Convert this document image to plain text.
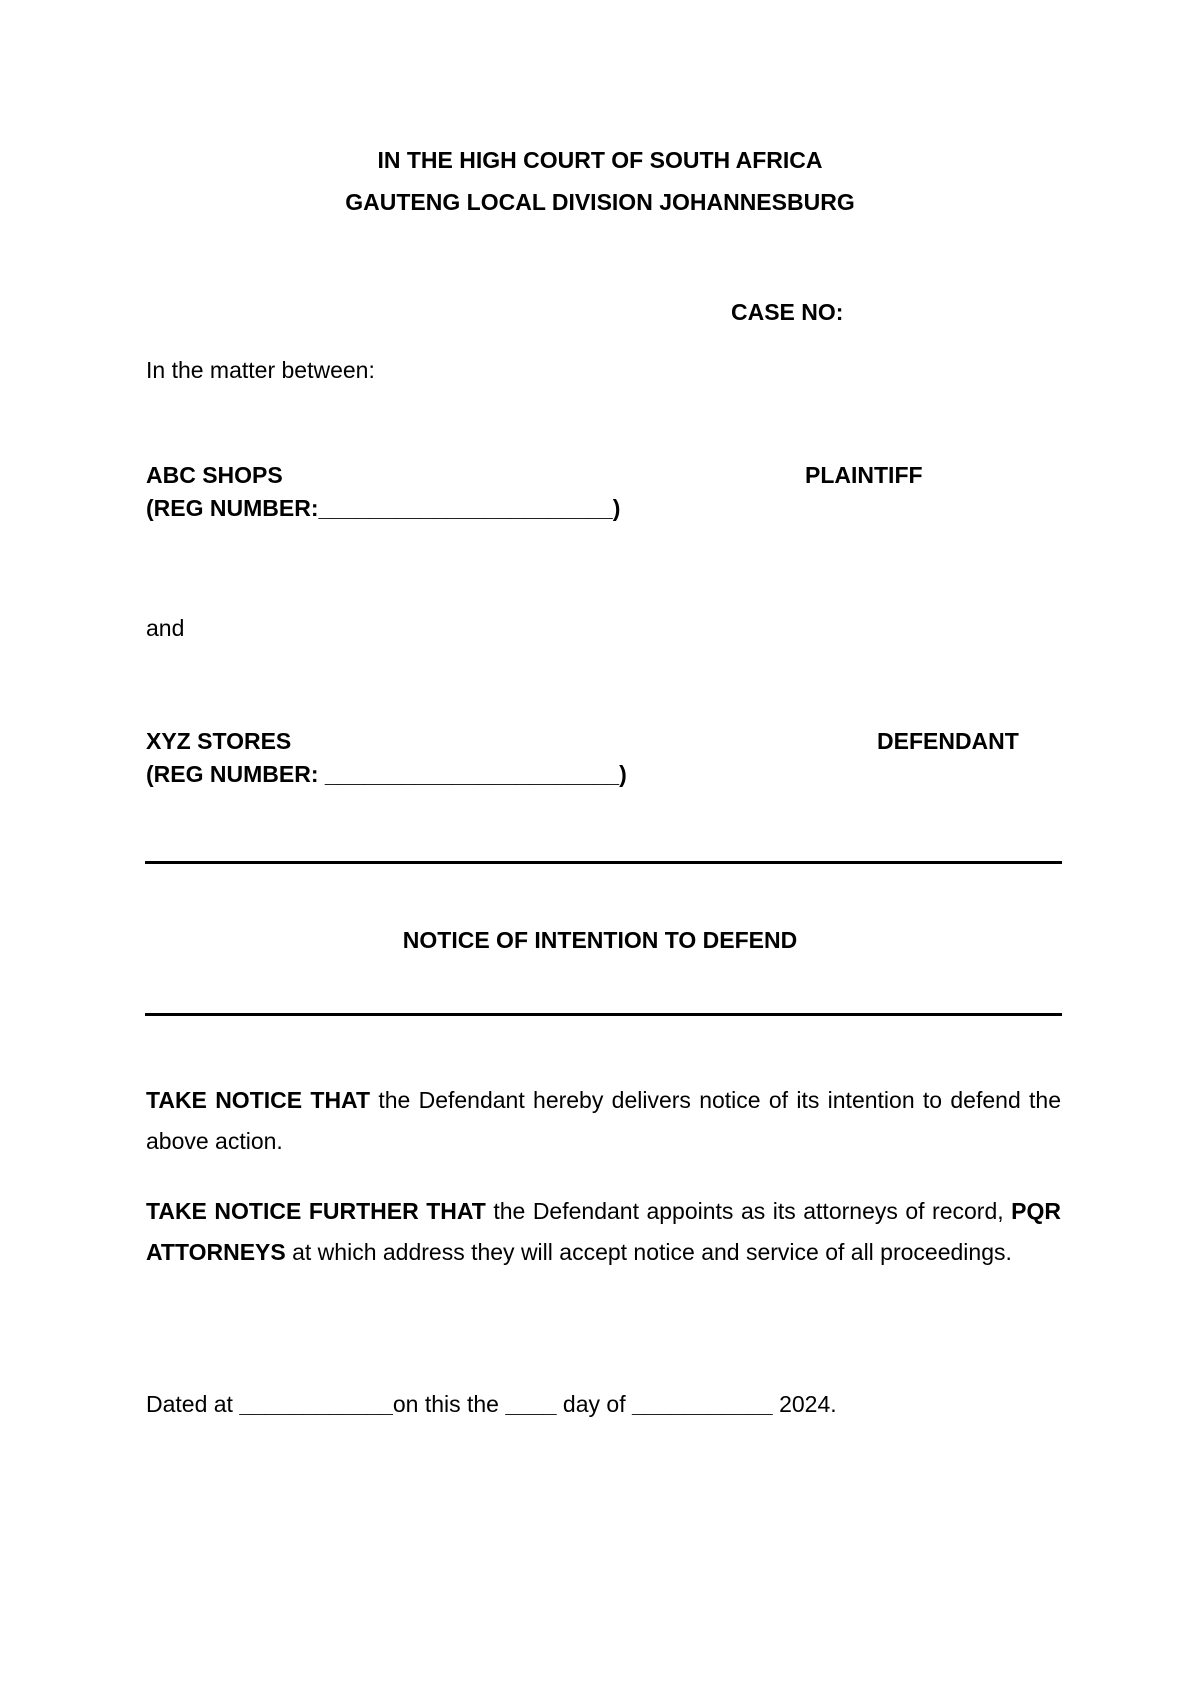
IN THE HIGH COURT OF SOUTH AFRICA
GAUTENG LOCAL DIVISION JOHANNESBURG
CASE NO:
In the matter between:
ABC SHOPS	PLAINTIFF
(REG NUMBER:_______________________)
and
XYZ STORES	DEFENDANT
(REG NUMBER: _______________________)
NOTICE OF INTENTION TO DEFEND
TAKE NOTICE THAT the Defendant hereby delivers notice of its intention to defend the above action.
TAKE NOTICE FURTHER THAT the Defendant appoints as its attorneys of record, PQR ATTORNEYS at which address they will accept notice and service of all proceedings.
Dated at ____________on this the ____ day of ___________ 2024.
